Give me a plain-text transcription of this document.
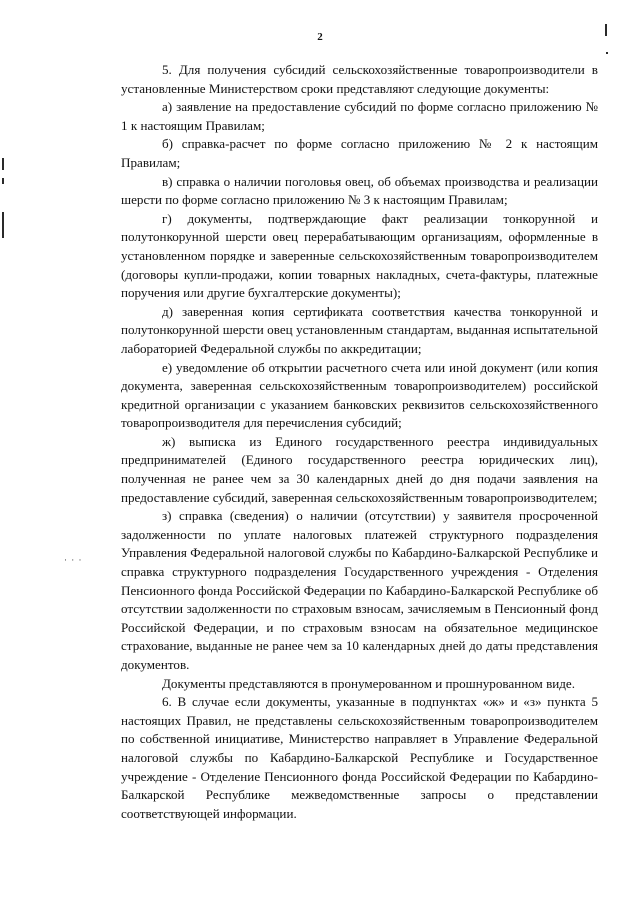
· · ·
2

5. Для получения субсидий сельскохозяйственные товаропроизводители в установленные Министерством сроки представляют следующие документы:

а) заявление на предоставление субсидий по форме согласно приложению № 1 к настоящим Правилам;

б) справка-расчет по форме согласно приложению № 2 к настоящим Правилам;

в) справка о наличии поголовья овец, об объемах производства и реализации шерсти по форме согласно приложению № 3 к настоящим Правилам;

г) документы, подтверждающие факт реализации тонкорунной и полутонкорунной шерсти овец перерабатывающим организациям, оформленные в установленном порядке и заверенные сельскохозяйственным товаропроизводителем (договоры купли-продажи, копии товарных накладных, счета-фактуры, платежные поручения или другие бухгалтерские документы);

д) заверенная копия сертификата соответствия качества тонкорунной и полутонкорунной шерсти овец установленным стандартам, выданная испытательной лабораторией Федеральной службы по аккредитации;

е) уведомление об открытии расчетного счета или иной документ (или копия документа, заверенная сельскохозяйственным товаропроизводителем) российской кредитной организации с указанием банковских реквизитов сельскохозяйственного товаропроизводителя для перечисления субсидий;

ж) выписка из Единого государственного реестра индивидуальных предпринимателей (Единого государственного реестра юридических лиц), полученная не ранее чем за 30 календарных дней до дня подачи заявления на предоставление субсидий, заверенная сельскохозяйственным товаропроизводителем;

з) справка (сведения) о наличии (отсутствии) у заявителя просроченной задолженности по уплате налоговых платежей структурного подразделения Управления Федеральной налоговой службы по Кабардино-Балкарской Республике и справка структурного подразделения Государственного учреждения - Отделения Пенсионного фонда Российской Федерации по Кабардино-Балкарской Республике об отсутствии задолженности по страховым взносам, зачисляемым в Пенсионный фонд Российской Федерации, и по страховым взносам на обязательное медицинское страхование, выданные не ранее чем за 10 календарных дней до даты представления документов.

Документы представляются в пронумерованном и прошнурованном виде.

6. В случае если документы, указанные в подпунктах «ж» и «з» пункта 5 настоящих Правил, не представлены сельскохозяйственным товаропроизводителем по собственной инициативе, Министерство направляет в Управление Федеральной налоговой службы по Кабардино-Балкарской Республике и Государственное учреждение - Отделение Пенсионного фонда Российской Федерации по Кабардино-Балкарской Республике межведомственные запросы о представлении соответствующей информации.
